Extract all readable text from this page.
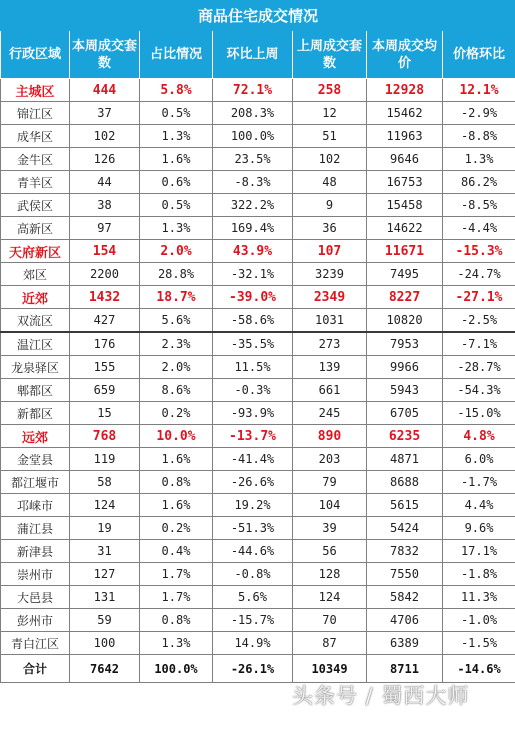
商品住宅成交情况						
行政区域	本周成交套数	占比情况	环比上周	上周成交套数	本周成交均价	价格环比
主城区	444	5.8%	72.1%	258	12928	12.1%
锦江区	37	0.5%	208.3%	12	15462	-2.9%
成华区	102	1.3%	100.0%	51	11963	-8.8%
金牛区	126	1.6%	23.5%	102	9646	1.3%
青羊区	44	0.6%	-8.3%	48	16753	86.2%
武侯区	38	0.5%	322.2%	9	15458	-8.5%
高新区	97	1.3%	169.4%	36	14622	-4.4%
天府新区	154	2.0%	43.9%	107	11671	-15.3%
郊区	2200	28.8%	-32.1%	3239	7495	-24.7%
近郊	1432	18.7%	-39.0%	2349	8227	-27.1%
双流区	427	5.6%	-58.6%	1031	10820	-2.5%
温江区	176	2.3%	-35.5%	273	7953	-7.1%
龙泉驿区	155	2.0%	11.5%	139	9966	-28.7%
郫都区	659	8.6%	-0.3%	661	5943	-54.3%
新都区	15	0.2%	-93.9%	245	6705	-15.0%
远郊	768	10.0%	-13.7%	890	6235	4.8%
金堂县	119	1.6%	-41.4%	203	4871	6.0%
都江堰市	58	0.8%	-26.6%	79	8688	-1.7%
邛崃市	124	1.6%	19.2%	104	5615	4.4%
蒲江县	19	0.2%	-51.3%	39	5424	9.6%
新津县	31	0.4%	-44.6%	56	7832	17.1%
崇州市	127	1.7%	-0.8%	128	7550	-1.8%
大邑县	131	1.7%	5.6%	124	5842	11.3%
彭州市	59	0.8%	-15.7%	70	4706	-1.0%
青白江区	100	1.3%	14.9%	87	6389	-1.5%
合计	7642	100.0%	-26.1%	10349	8711	-14.6%
头条号 / 蜀西大师
